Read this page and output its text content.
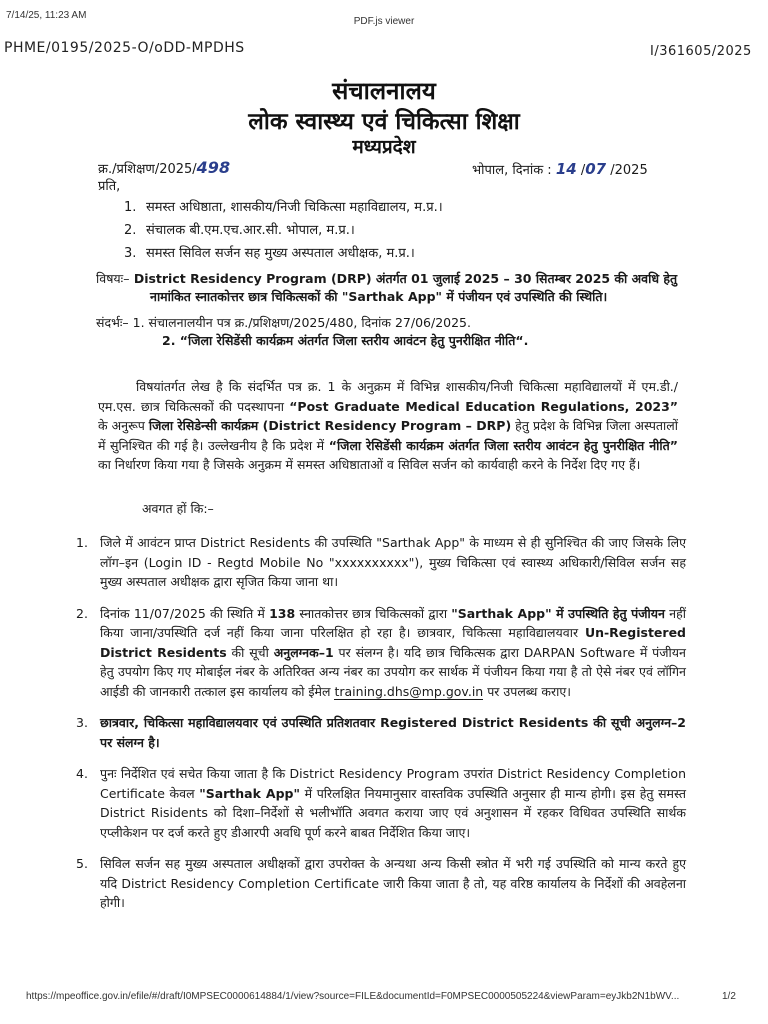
7/14/25, 11:23 AM
PDF.js viewer
PHME/0195/2025-O/oDD-MPDHS	I/361605/2025
संचालनालय
लोक स्वास्थ्य एवं चिकित्सा शिक्षा
मध्यप्रदेश
क्र./प्रशिक्षण/2025/498	भोपाल, दिनांक : 14 /07 /2025
प्रति,
1. समस्त अधिष्ठाता, शासकीय/निजी चिकित्सा महाविद्यालय, म.प्र.।
2. संचालक बी.एम.एच.आर.सी. भोपाल, म.प्र.।
3. समस्त सिविल सर्जन सह मुख्य अस्पताल अधीक्षक, म.प्र.।
विषयः– District Residency Program (DRP) अंतर्गत 01 जुलाई 2025 – 30 सितम्बर 2025 की अवधि हेतु
नामांकित स्नातकोत्तर छात्र चिकित्सकों की "Sarthak App" में पंजीयन एवं उपस्थिति की स्थिति।
संदर्भः– 1. संचालनालयीन पत्र क्र./प्रशिक्षण/2025/480, दिनांक 27/06/2025.
2. “जिला रेसिडेंसी कार्यक्रम अंतर्गत जिला स्तरीय आवंटन हेतु पुनरीक्षित नीति“.
विषयांतर्गत लेख है कि संदर्भित पत्र क्र. 1 के अनुक्रम में विभिन्न शासकीय/निजी चिकित्सा महाविद्यालयों में एम.डी./एम.एस. छात्र चिकित्सकों की पदस्थापना “Post Graduate Medical Education Regulations, 2023” के अनुरूप जिला रेसिडेन्सी कार्यक्रम (District Residency Program – DRP) हेतु प्रदेश के विभिन्न जिला अस्पतालों में सुनिश्चित की गई है। उल्लेखनीय है कि प्रदेश में “जिला रेसिडेंसी कार्यक्रम अंतर्गत जिला स्तरीय आवंटन हेतु पुनरीक्षित नीति” का निर्धारण किया गया है जिसके अनुक्रम में समस्त अधिष्ठाताओं व सिविल सर्जन को कार्यवाही करने के निर्देश दिए गए हैं।
अवगत हों कि:–
1. जिले में आवंटन प्राप्त District Residents की उपस्थिति "Sarthak App" के माध्यम से ही सुनिश्चित की जाए जिसके लिए लॉग–इन (Login ID - Regtd Mobile No "xxxxxxxxxx"), मुख्य चिकित्सा एवं स्वास्थ्य अधिकारी/सिविल सर्जन सह मुख्य अस्पताल अधीक्षक द्वारा सृजित किया जाना था।
2. दिनांक 11/07/2025 की स्थिति में 138 स्नातकोत्तर छात्र चिकित्सकों द्वारा "Sarthak App" में उपस्थिति हेतु पंजीयन नहीं किया जाना/उपस्थिति दर्ज नहीं किया जाना परिलक्षित हो रहा है। छात्रवार, चिकित्सा महाविद्यालयवार Un-Registered District Residents की सूची अनुलग्नक–1 पर संलग्न है। यदि छात्र चिकित्सक द्वारा DARPAN Software में पंजीयन हेतु उपयोग किए गए मोबाईल नंबर के अतिरिक्त अन्य नंबर का उपयोग कर सार्थक में पंजीयन किया गया है तो ऐसे नंबर एवं लॉगिन आईडी की जानकारी तत्काल इस कार्यालय को ईमेल training.dhs@mp.gov.in पर उपलब्ध कराए।
3. छात्रवार, चिकित्सा महाविद्यालयवार एवं उपस्थिति प्रतिशतवार Registered District Residents की सूची अनुलग्न–2 पर संलग्न है।
4. पुनः निर्देशित एवं सचेत किया जाता है कि District Residency Program उपरांत District Residency Completion Certificate केवल "Sarthak App" में परिलक्षित नियमानुसार वास्तविक उपस्थिति अनुसार ही मान्य होगी। इस हेतु समस्त District Risidents को दिशा–निर्देशों से भलीभॉति अवगत कराया जाए एवं अनुशासन में रहकर विधिवत उपस्थिति सार्थक एप्लीकेशन पर दर्ज करते हुए डीआरपी अवधि पूर्ण करने बाबत निर्देशित किया जाए।
5. सिविल सर्जन सह मुख्य अस्पताल अधीक्षकों द्वारा उपरोक्त के अन्यथा अन्य किसी स्त्रोत में भरी गई उपस्थिति को मान्य करते हुए यदि District Residency Completion Certificate जारी किया जाता है तो, यह वरिष्ठ कार्यालय के निर्देशों की अवहेलना होगी।
https://mpeoffice.gov.in/efile/#/draft/I0MPSEC0000614884/1/view?source=FILE&documentId=F0MPSEC0000505224&viewParam=eyJkb2N1bWV...	1/2
